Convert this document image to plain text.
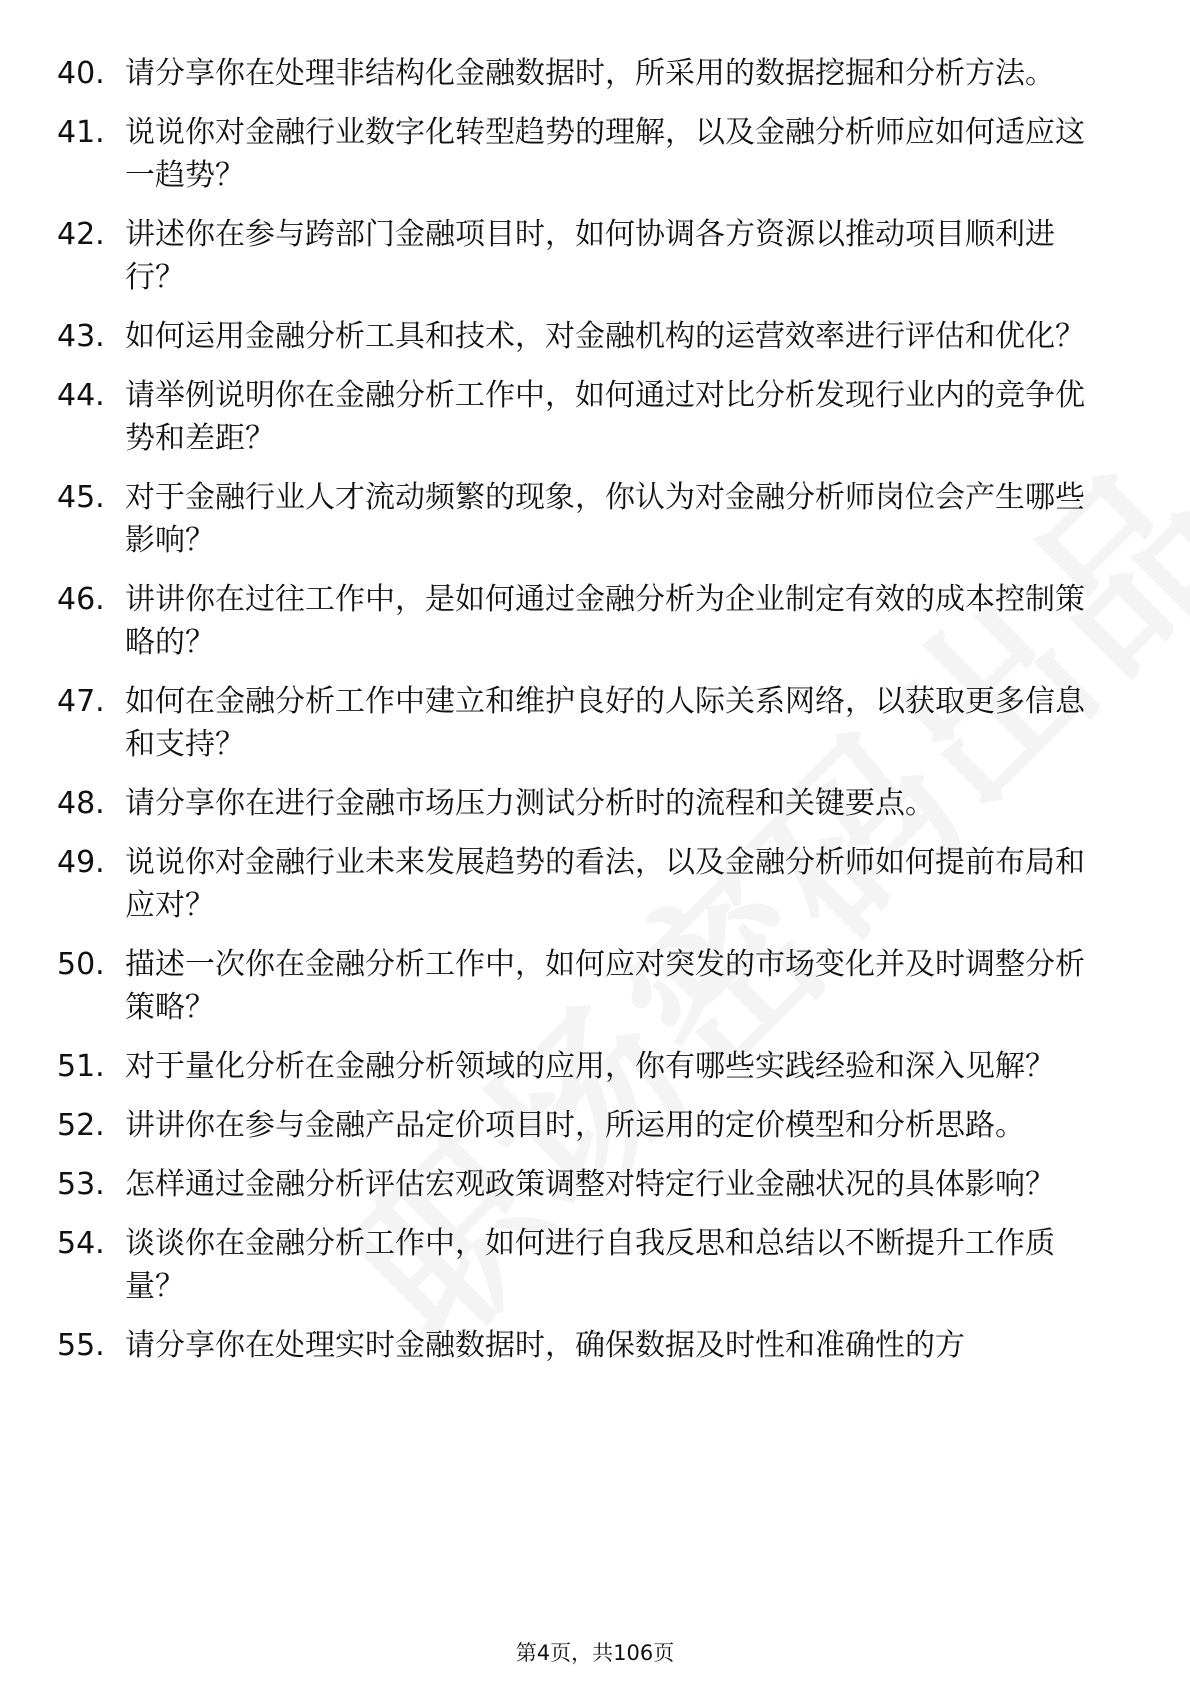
40. 请分享你在处理非结构化金融数据时，所采用的数据挖掘和分析方法。
41. 说说你对金融行业数字化转型趋势的理解，以及金融分析师应如何适应这一趋势？
42. 讲述你在参与跨部门金融项目时，如何协调各方资源以推动项目顺利进行？
43. 如何运用金融分析工具和技术，对金融机构的运营效率进行评估和优化？
44. 请举例说明你在金融分析工作中，如何通过对比分析发现行业内的竞争优势和差距？
45. 对于金融行业人才流动频繁的现象，你认为对金融分析师岗位会产生哪些影响？
46. 讲讲你在过往工作中，是如何通过金融分析为企业制定有效的成本控制策略的？
47. 如何在金融分析工作中建立和维护良好的人际关系网络，以获取更多信息和支持？
48. 请分享你在进行金融市场压力测试分析时的流程和关键要点。
49. 说说你对金融行业未来发展趋势的看法，以及金融分析师如何提前布局和应对？
50. 描述一次你在金融分析工作中，如何应对突发的市场变化并及时调整分析策略？
51. 对于量化分析在金融分析领域的应用，你有哪些实践经验和深入见解？
52. 讲讲你在参与金融产品定价项目时，所运用的定价模型和分析思路。
53. 怎样通过金融分析评估宏观政策调整对特定行业金融状况的具体影响？
54. 谈谈你在金融分析工作中，如何进行自我反思和总结以不断提升工作质量？
55. 请分享你在处理实时金融数据时，确保数据及时性和准确性的方
第4页，共106页
